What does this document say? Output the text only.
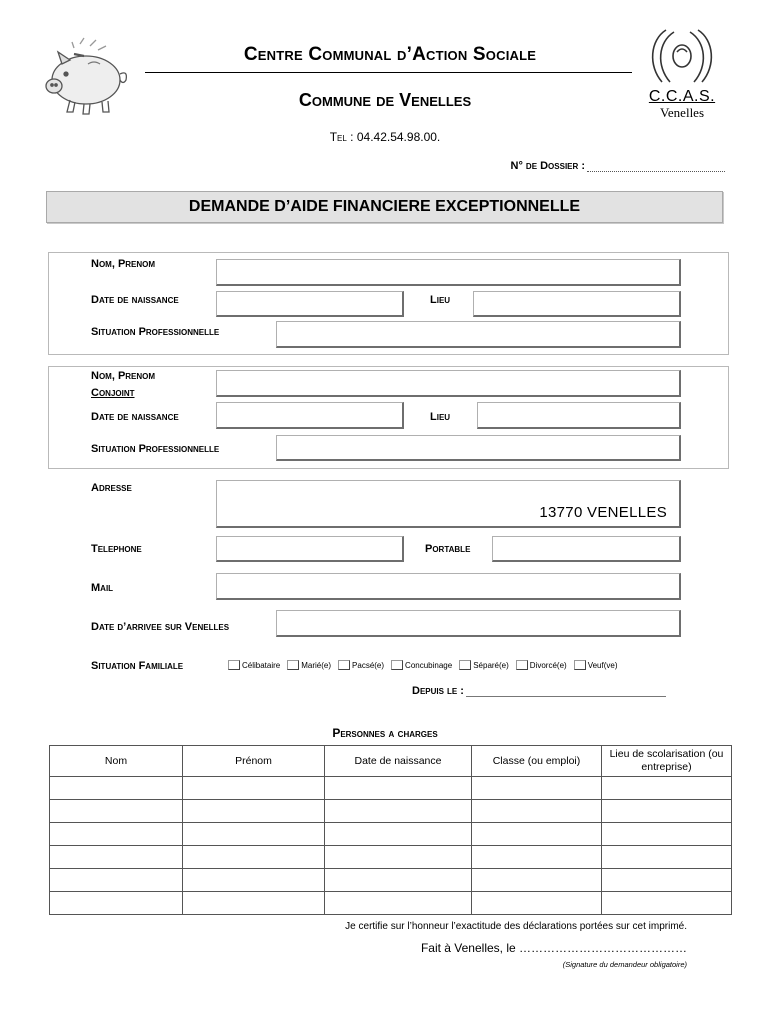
Centre Communal d’Action Sociale
Commune de Venelles
Tel : 04.42.54.98.00.
C.C.A.S.
Venelles
N° de Dossier :
DEMANDE D’AIDE FINANCIERE EXCEPTIONNELLE
Nom, Prenom
Date de naissance	Lieu
Situation Professionnelle
Nom, Prenom
Conjoint
Date de naissance	Lieu
Situation Professionnelle
Adresse
13770 VENELLES
Telephone	Portable
Mail
Date d’arrivee sur Venelles
Situation Familiale	Célibataire	Marié(e)	Pacsé(e)	Concubinage	Séparé(e)	Divorcé(e)	Veuf(ve)
Depuis le :
Personnes a charges
Nom	Prénom	Date de naissance	Classe (ou emploi)	Lieu de scolarisation (ou entreprise)

Je certifie sur l’honneur l’exactitude des déclarations portées sur cet imprimé.
Fait à Venelles, le ……………………………………
(Signature du demandeur obligatoire)
